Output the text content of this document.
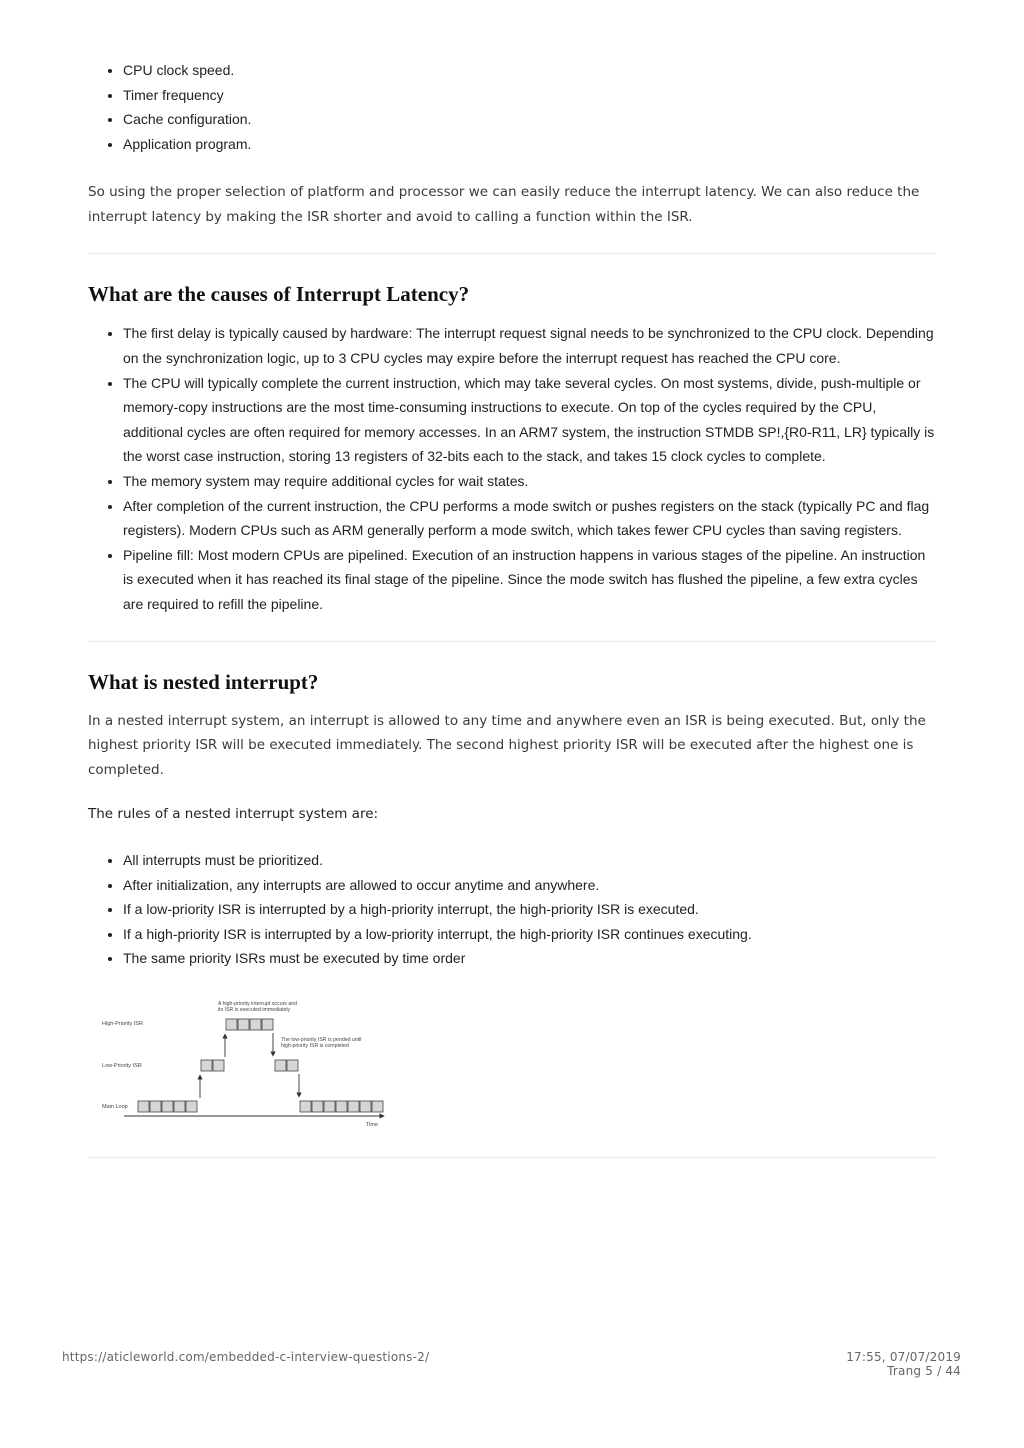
• CPU clock speed.
• Timer frequency
• Cache configuration.
• Application program.

So using the proper selection of platform and processor we can easily reduce the interrupt latency. We can also reduce the interrupt latency by making the ISR shorter and avoid to calling a function within the ISR.

What are the causes of Interrupt Latency?
• The first delay is typically caused by hardware: The interrupt request signal needs to be synchronized to the CPU clock. Depending on the synchronization logic, up to 3 CPU cycles may expire before the interrupt request has reached the CPU core.
• The CPU will typically complete the current instruction, which may take several cycles. On most systems, divide, push-multiple or memory-copy instructions are the most time-consuming instructions to execute. On top of the cycles required by the CPU, additional cycles are often required for memory accesses. In an ARM7 system, the instruction STMDB SP!,{R0-R11, LR} typically is the worst case instruction, storing 13 registers of 32-bits each to the stack, and takes 15 clock cycles to complete.
• The memory system may require additional cycles for wait states.
• After completion of the current instruction, the CPU performs a mode switch or pushes registers on the stack (typically PC and flag registers). Modern CPUs such as ARM generally perform a mode switch, which takes fewer CPU cycles than saving registers.
• Pipeline fill: Most modern CPUs are pipelined. Execution of an instruction happens in various stages of the pipeline. An instruction is executed when it has reached its final stage of the pipeline. Since the mode switch has flushed the pipeline, a few extra cycles are required to refill the pipeline.
What is nested interrupt?

In a nested interrupt system, an interrupt is allowed to any time and anywhere even an ISR is being executed. But, only the highest priority ISR will be executed immediately. The second highest priority ISR will be executed after the highest one is completed.

The rules of a nested interrupt system are:

• All interrupts must be prioritized.
• After initialization, any interrupts are allowed to occur anytime and anywhere.
• If a low-priority ISR is interrupted by a high-priority interrupt, the high-priority ISR is executed.
• If a high-priority ISR is interrupted by a low-priority interrupt, the high-priority ISR continues executing.
• The same priority ISRs must be executed by time order
High-Priority ISR
Low-Priority ISR
Main Loop
A high-priority interrupt occurs and
its ISR is executed immediately
The low-priority ISR is pended until
high-priority ISR is completed
Time
https://aticleworld.com/embedded-c-interview-questions-2/	17:55, 07/07/2019
Trang 5 / 44
